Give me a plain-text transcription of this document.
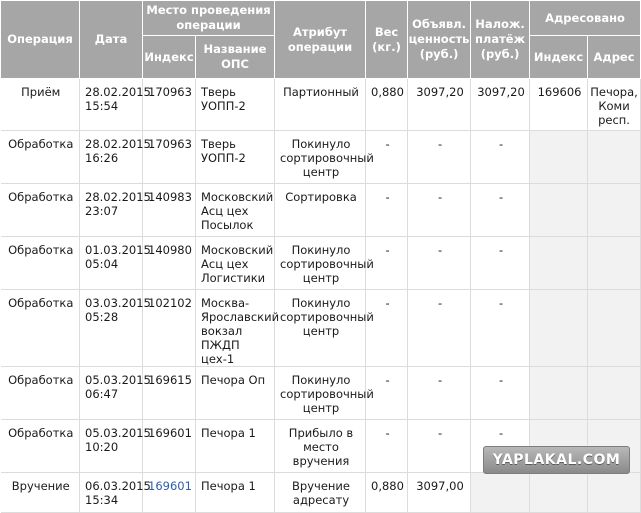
Операция	Дата	Место проведения операции		Атрибут операции	Вес (кг.)	Объявл. ценность (руб.)	Налож. платёж (руб.)	Адресовано	
		Индекс	Название ОПС					Индекс	Адрес
Приём	28.02.2015 15:54	170963	Тверь УОПП-2	Партионный	0,880	3097,20	3097,20	169606	Печора, Коми респ.
Обработка	28.02.2015 16:26	170963	Тверь УОПП-2	Покинуло сортировочный центр	-	-	-		
Обработка	28.02.2015 23:07	140983	Московский Асц цех Посылок	Сортировка	-	-	-		
Обработка	01.03.2015 05:04	140980	Московский Асц цех Логистики	Покинуло сортировочный центр	-	-	-		
Обработка	03.03.2015 05:28	102102	Москва-Ярославский вокзал ПЖДП цех-1	Покинуло сортировочный центр	-	-	-		
Обработка	05.03.2015 06:47	169615	Печора Оп	Покинуло сортировочный центр	-	-	-		
Обработка	05.03.2015 10:20	169601	Печора 1	Прибыло в место вручения	-	-	-		
Вручение	06.03.2015 15:34	169601	Печора 1	Вручение адресату	0,880	3097,00			
YAPLAKAL.COM
